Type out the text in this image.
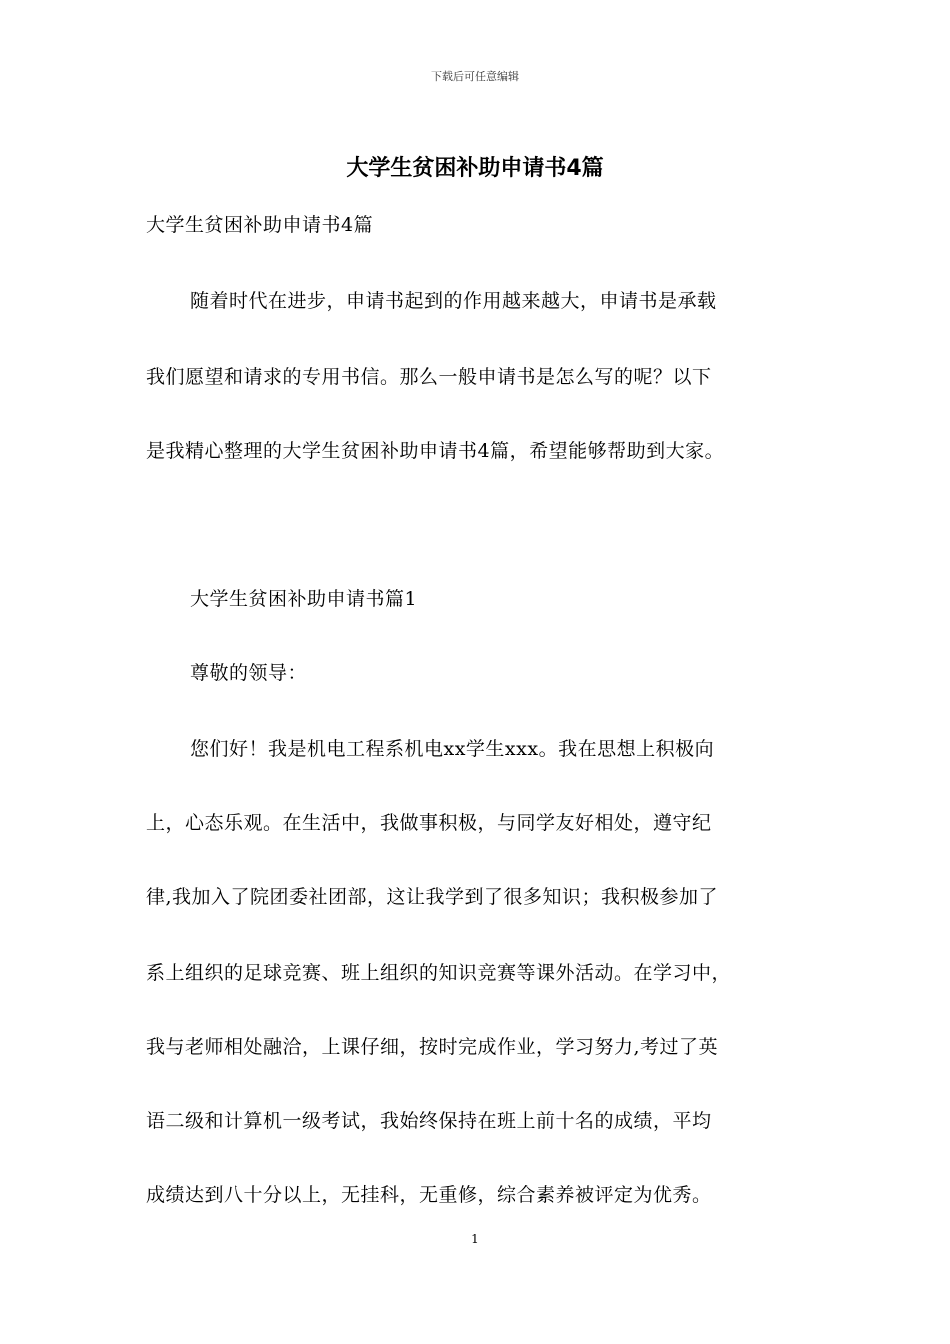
下载后可任意编辑
大学生贫困补助申请书4篇
大学生贫困补助申请书4篇
随着时代在进步，申请书起到的作用越来越大，申请书是承载
我们愿望和请求的专用书信。那么一般申请书是怎么写的呢？以下
是我精心整理的大学生贫困补助申请书4篇，希望能够帮助到大家。
大学生贫困补助申请书篇1
尊敬的领导：
您们好！我是机电工程系机电xx学生xxx。我在思想上积极向
上，心态乐观。在生活中，我做事积极，与同学友好相处，遵守纪
律,我加入了院团委社团部，这让我学到了很多知识；我积极参加了
系上组织的足球竞赛、班上组织的知识竞赛等课外活动。在学习中，
我与老师相处融洽，上课仔细，按时完成作业，学习努力,考过了英
语二级和计算机一级考试，我始终保持在班上前十名的成绩，平均
成绩达到八十分以上，无挂科，无重修，综合素养被评定为优秀。
1
